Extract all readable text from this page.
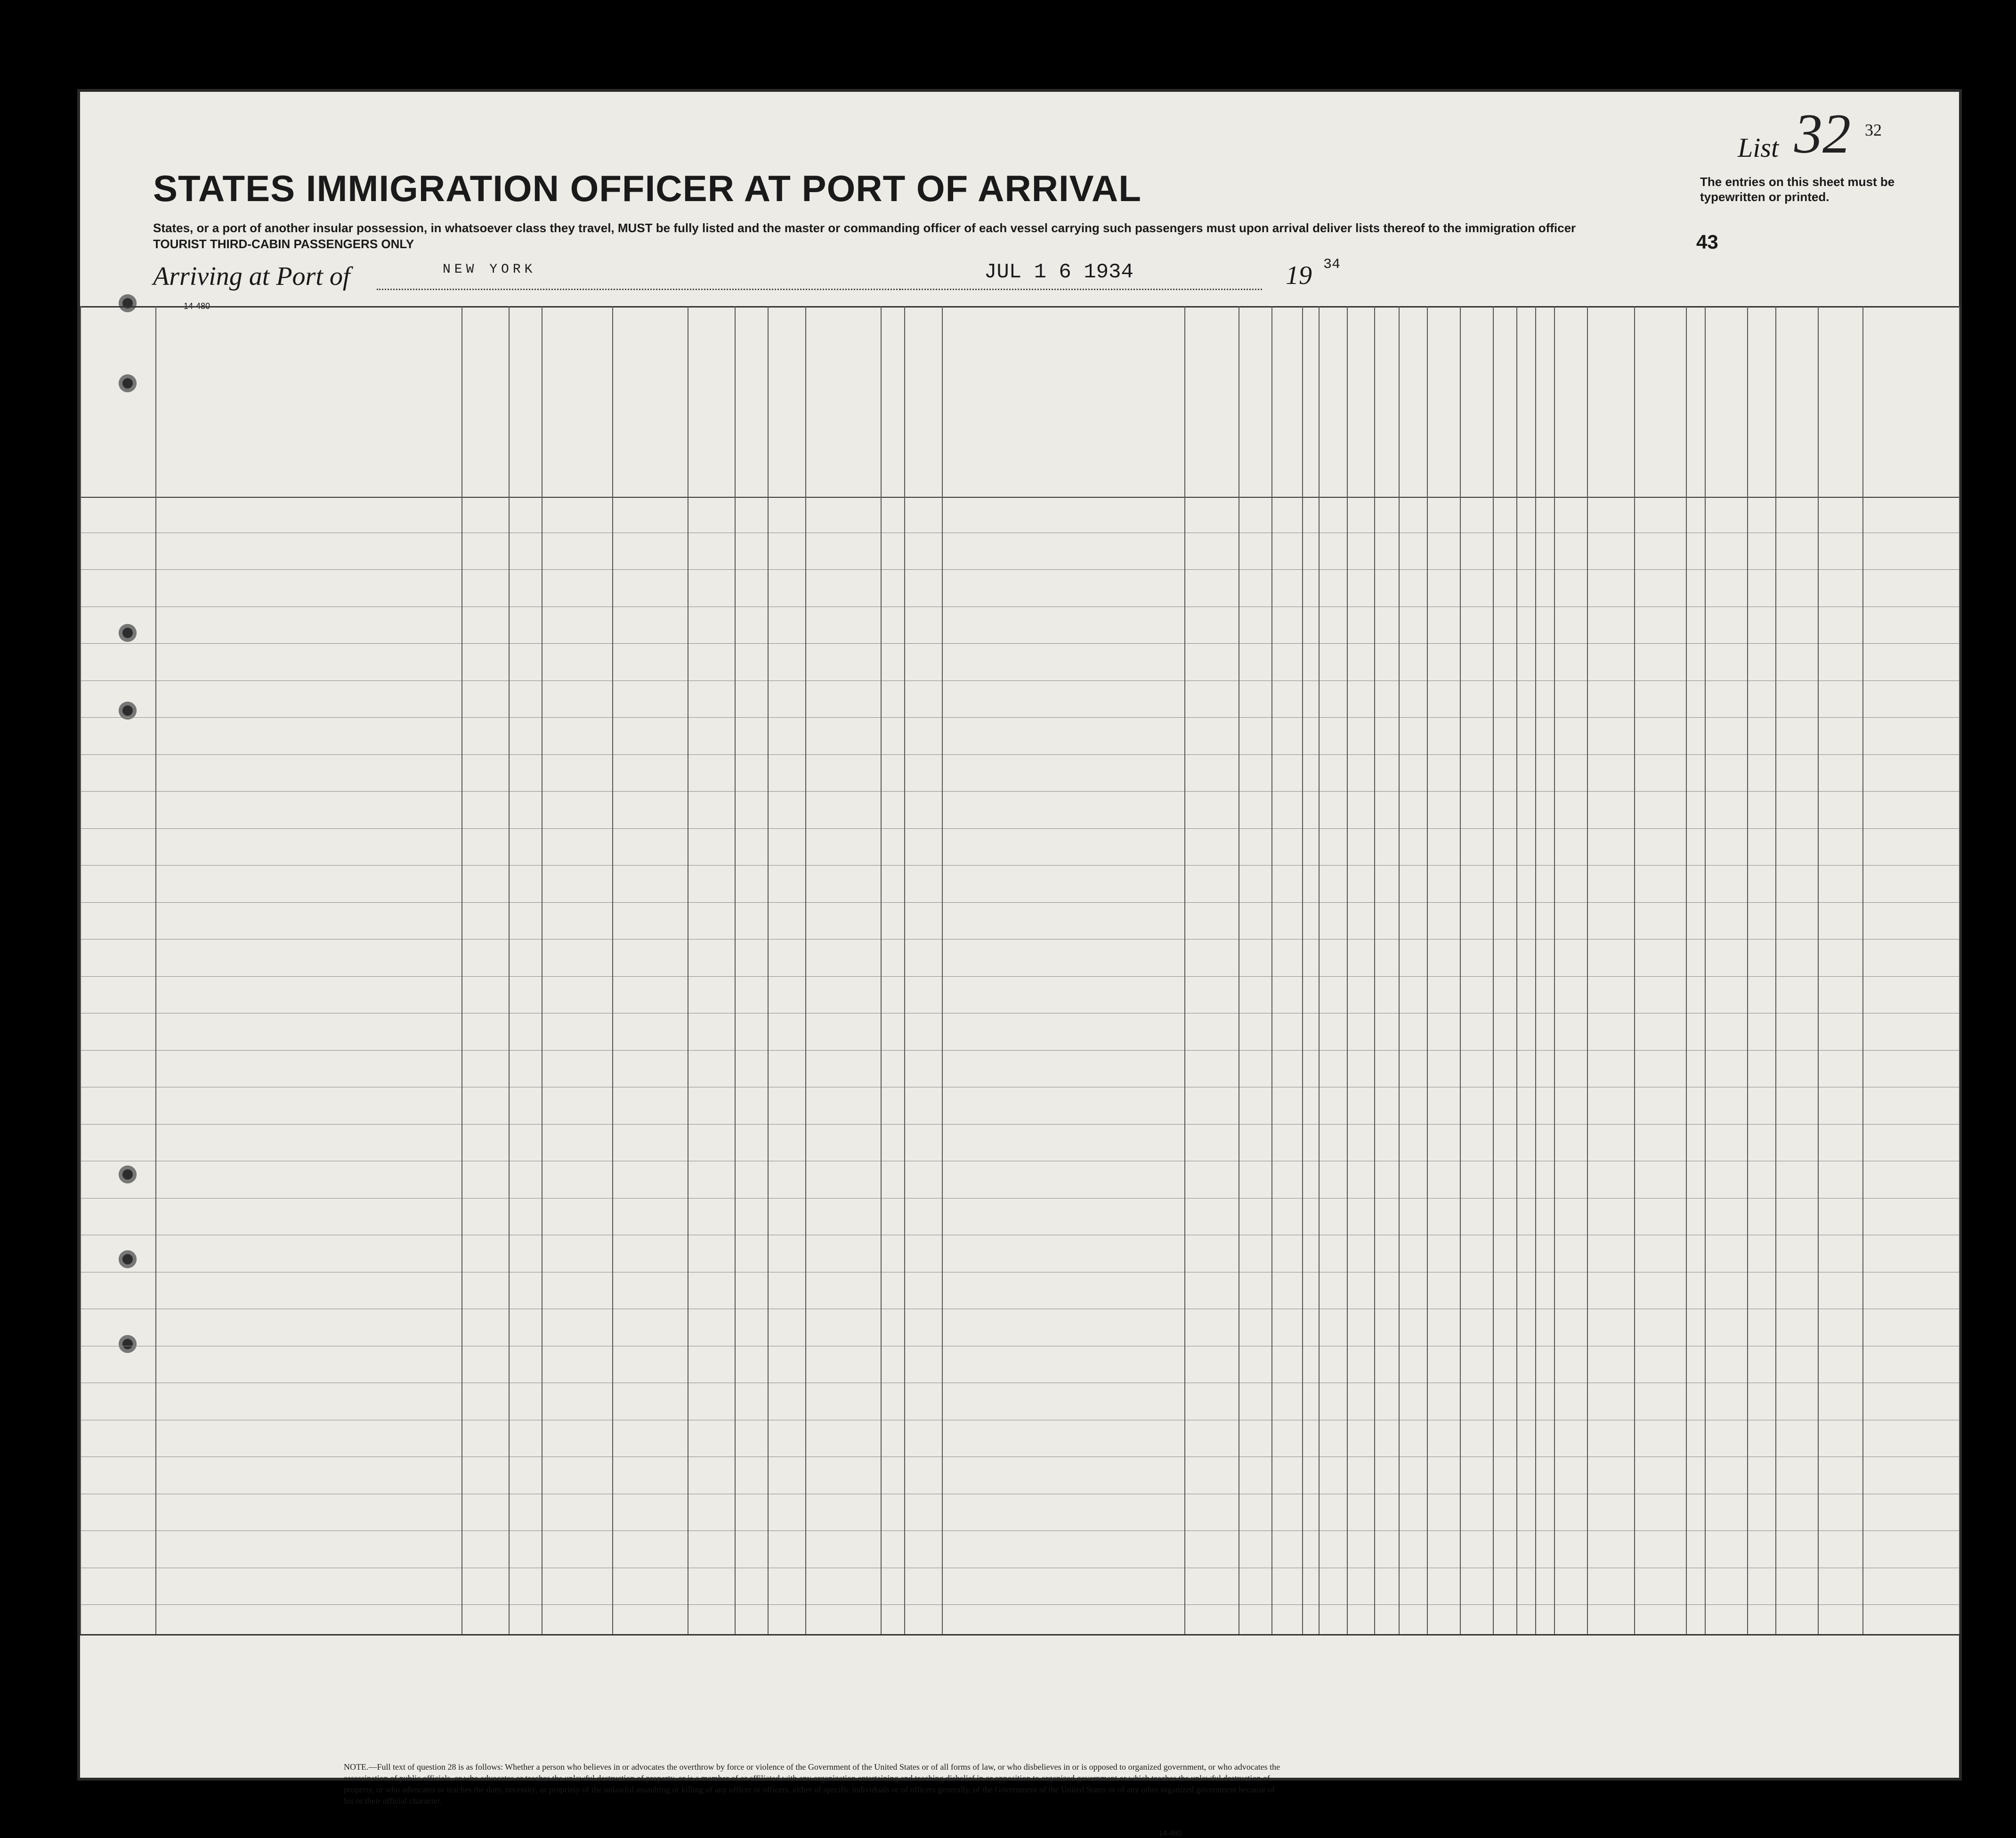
List 32 32
The entries on this sheet must be typewritten or printed.
43
STATES IMMIGRATION OFFICER AT PORT OF ARRIVAL
States, or a port of another insular possession, in whatsoever class they travel, MUST be fully listed and the master or commanding officer of each vessel carrying such passengers must upon arrival deliver lists thereof to the immigration officer
TOURIST THIRD-CABIN PASSENGERS ONLY
Arriving at Port of	NEW YORK	JUL 1 6 1934	19 34
14-480
NOTE.—Full text of question 28 is as follows: Whether a person who believes in or advocates the overthrow by force or violence of the Government of the United States or of all forms of law, or who disbelieves in or is opposed to organized government, or who advocates the assassination of public officials, or who advocates or teaches the unlawful destruction of property, or is a member of or affiliated with any organization entertaining and teaching disbelief in or opposition to organized government or which teaches the unlawful destruction of property, or who advocates or teaches the duty, necessity, or propriety of the unlawful assaulting or killing of any officer or officers, either of specific individuals or of officers generally, of the Government of the United States or of any other organized government because of his or their official character.
14-480
